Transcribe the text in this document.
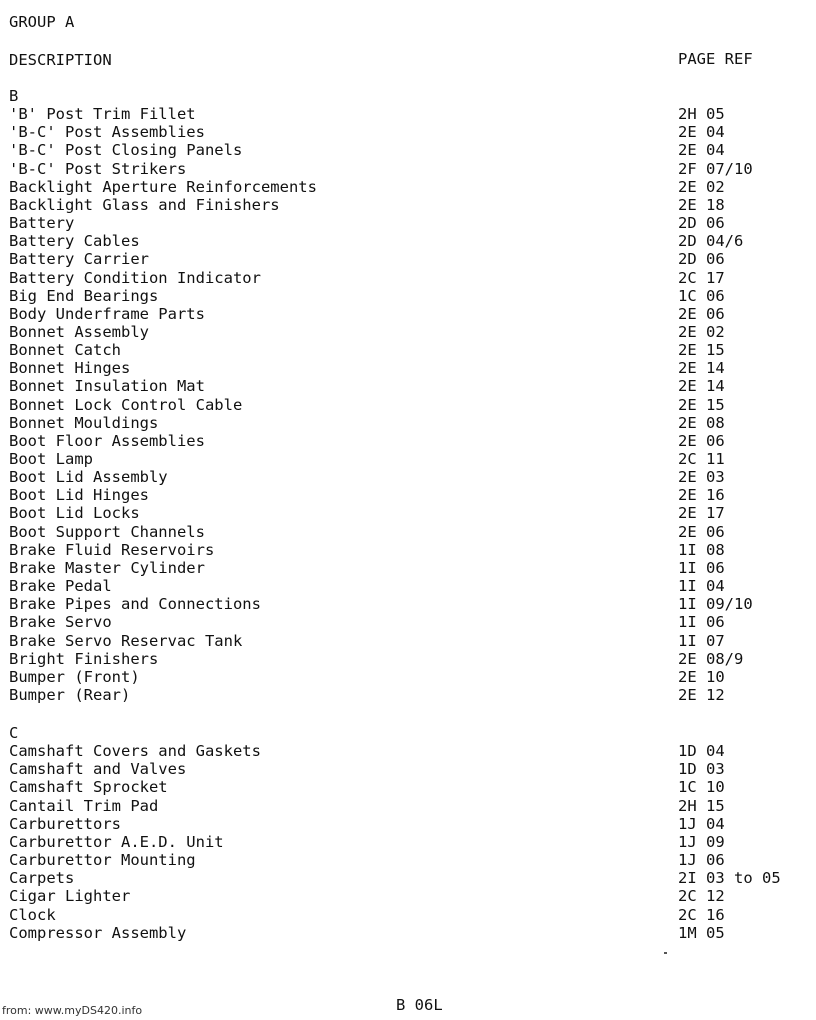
GROUP A
DESCRIPTION	PAGE REF
B
'B' Post Trim Fillet	2H 05
'B-C' Post Assemblies	2E 04
'B-C' Post Closing Panels	2E 04
'B-C' Post Strikers	2F 07/10
Backlight Aperture Reinforcements	2E 02
Backlight Glass and Finishers	2E 18
Battery	2D 06
Battery Cables	2D 04/6
Battery Carrier	2D 06
Battery Condition Indicator	2C 17
Big End Bearings	1C 06
Body Underframe Parts	2E 06
Bonnet Assembly	2E 02
Bonnet Catch	2E 15
Bonnet Hinges	2E 14
Bonnet Insulation Mat	2E 14
Bonnet Lock Control Cable	2E 15
Bonnet Mouldings	2E 08
Boot Floor Assemblies	2E 06
Boot Lamp	2C 11
Boot Lid Assembly	2E 03
Boot Lid Hinges	2E 16
Boot Lid Locks	2E 17
Boot Support Channels	2E 06
Brake Fluid Reservoirs	1I 08
Brake Master Cylinder	1I 06
Brake Pedal	1I 04
Brake Pipes and Connections	1I 09/10
Brake Servo	1I 06
Brake Servo Reservac Tank	1I 07
Bright Finishers	2E 08/9
Bumper (Front)	2E 10
Bumper (Rear)	2E 12
C
Camshaft Covers and Gaskets	1D 04
Camshaft and Valves	1D 03
Camshaft Sprocket	1C 10
Cantail Trim Pad	2H 15
Carburettors	1J 04
Carburettor A.E.D. Unit	1J 09
Carburettor Mounting	1J 06
Carpets	2I 03 to 05
Cigar Lighter	2C 12
Clock	2C 16
Compressor Assembly	1M 05
B 06L
from: www.myDS420.info
